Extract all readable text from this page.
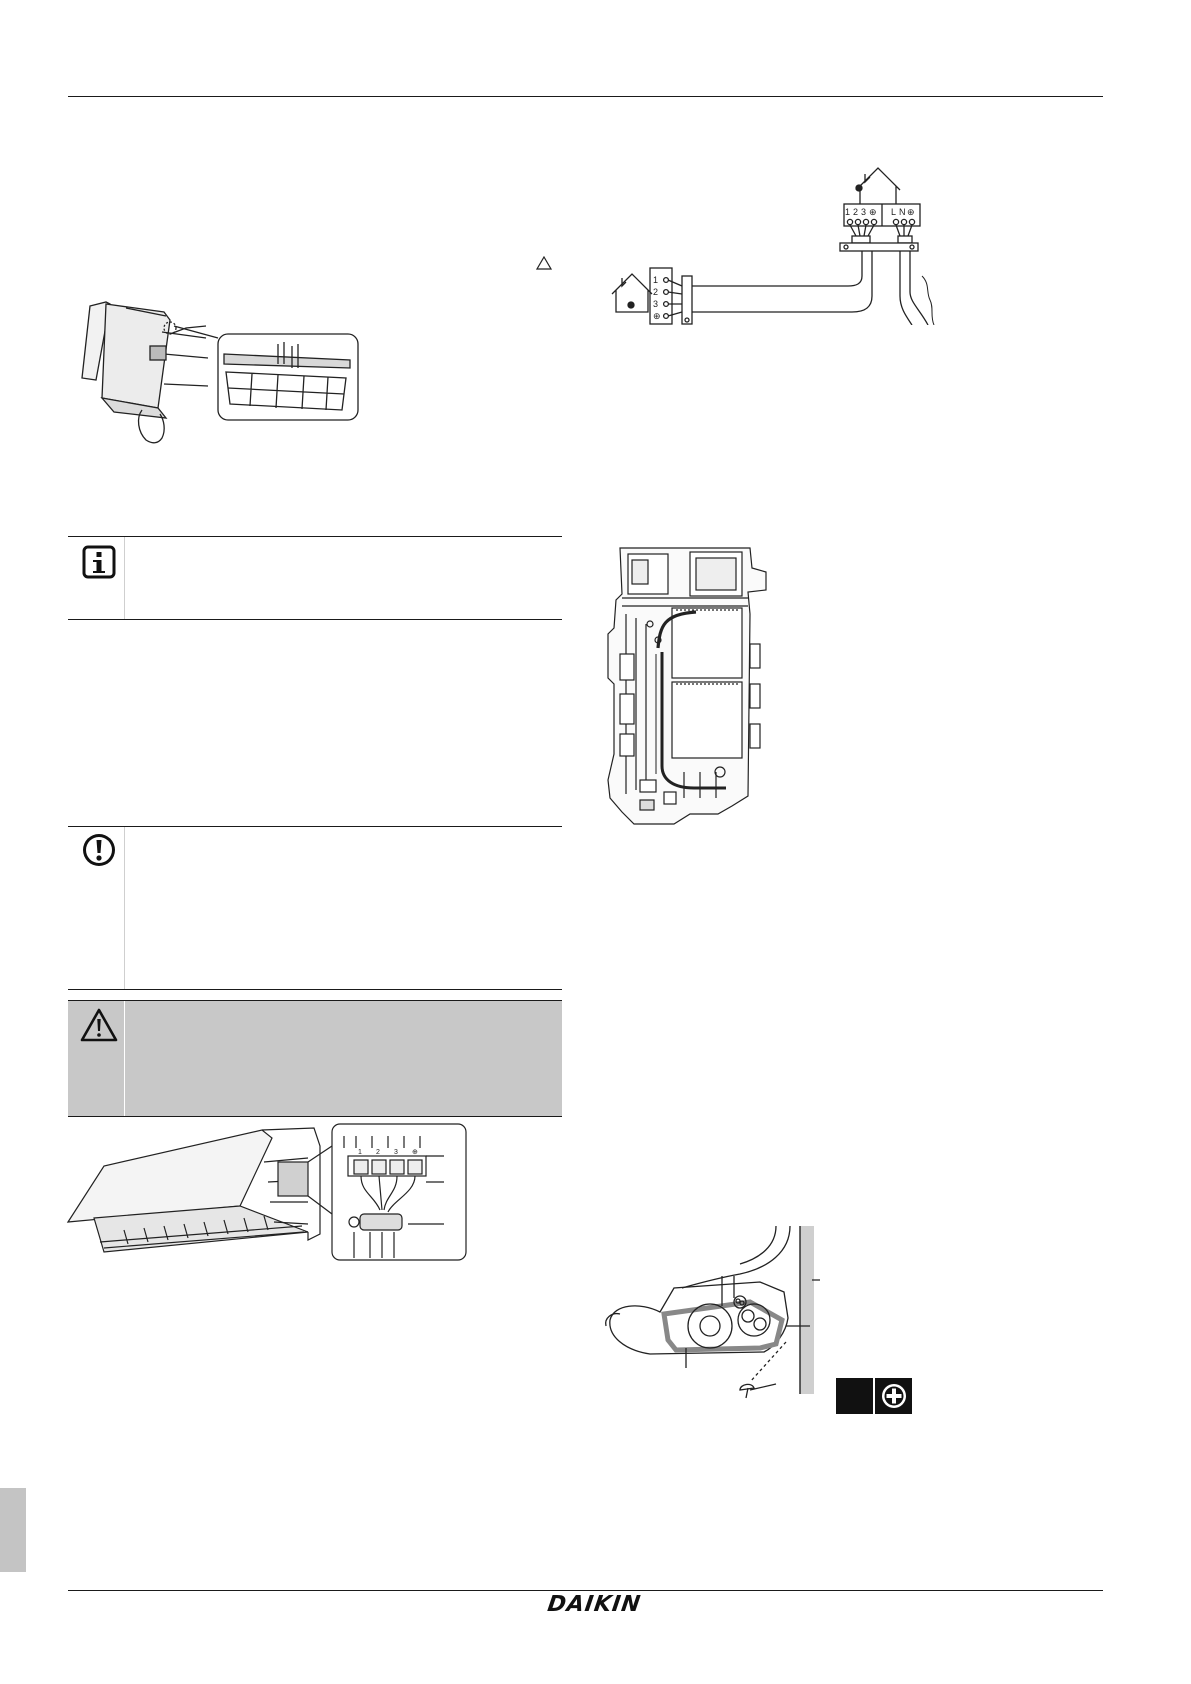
1 2 3 ⊕
1 2 3 ⊕ L N ⊕
1
2
3
⊕
DAIKIN
